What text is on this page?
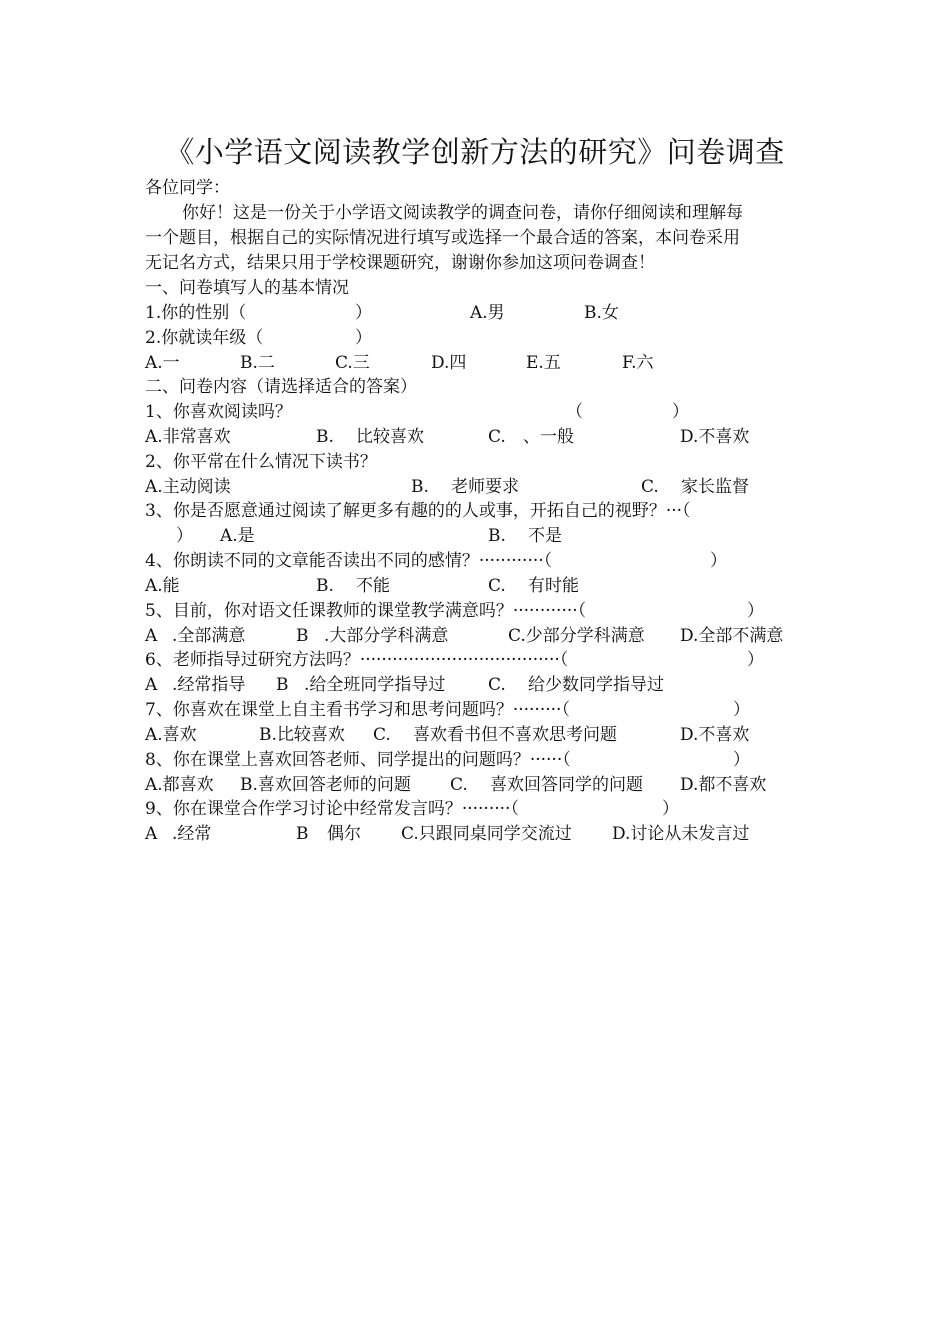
《小学语文阅读教学创新方法的研究》问卷调查
各位同学：
你好！这是一份关于小学语文阅读教学的调查问卷，请你仔细阅读和理解每
一个题目，根据自己的实际情况进行填写或选择一个最合适的答案，本问卷采用
无记名方式，结果只用于学校课题研究，谢谢你参加这项问卷调查！
一、问卷填写人的基本情况
1.你的性别（	）	A.男	B.女
2.你就读年级（	）
A.一	B.二	C.三	D.四	E.五	F.六
二、问卷内容（请选择适合的答案）
1、你喜欢阅读吗？	（	）
A.非常喜欢	B. 比较喜欢	C. 、一般	D.不喜欢
2、你平常在什么情况下读书？
A.主动阅读	B. 老师要求	C. 家长监督
3、你是否愿意通过阅读了解更多有趣的的人或事，开拓自己的视野？···（
） A.是	B. 不是
4、你朗读不同的文章能否读出不同的感情？············（	）
A.能	B. 不能	C. 有时能
5、目前，你对语文任课教师的课堂教学满意吗？············（	）
A .全部满意	B .大部分学科满意	C.少部分学科满意 D.全部不满意
6、老师指导过研究方法吗？·····································（	）
A .经常指导 B .给全班同学指导过	C. 给少数同学指导过
7、你喜欢在课堂上自主看书学习和思考问题吗？·········（	）
A.喜欢	B.比较喜欢 C. 喜欢看书但不喜欢思考问题	D.不喜欢
8、你在课堂上喜欢回答老师、同学提出的问题吗？······（	）
A.都喜欢 B.喜欢回答老师的问题 C. 喜欢回答同学的问题 D.都不喜欢
9、你在课堂合作学习讨论中经常发言吗？·········（	）
A .经常	B 偶尔 C.只跟同桌同学交流过 D.讨论从未发言过
